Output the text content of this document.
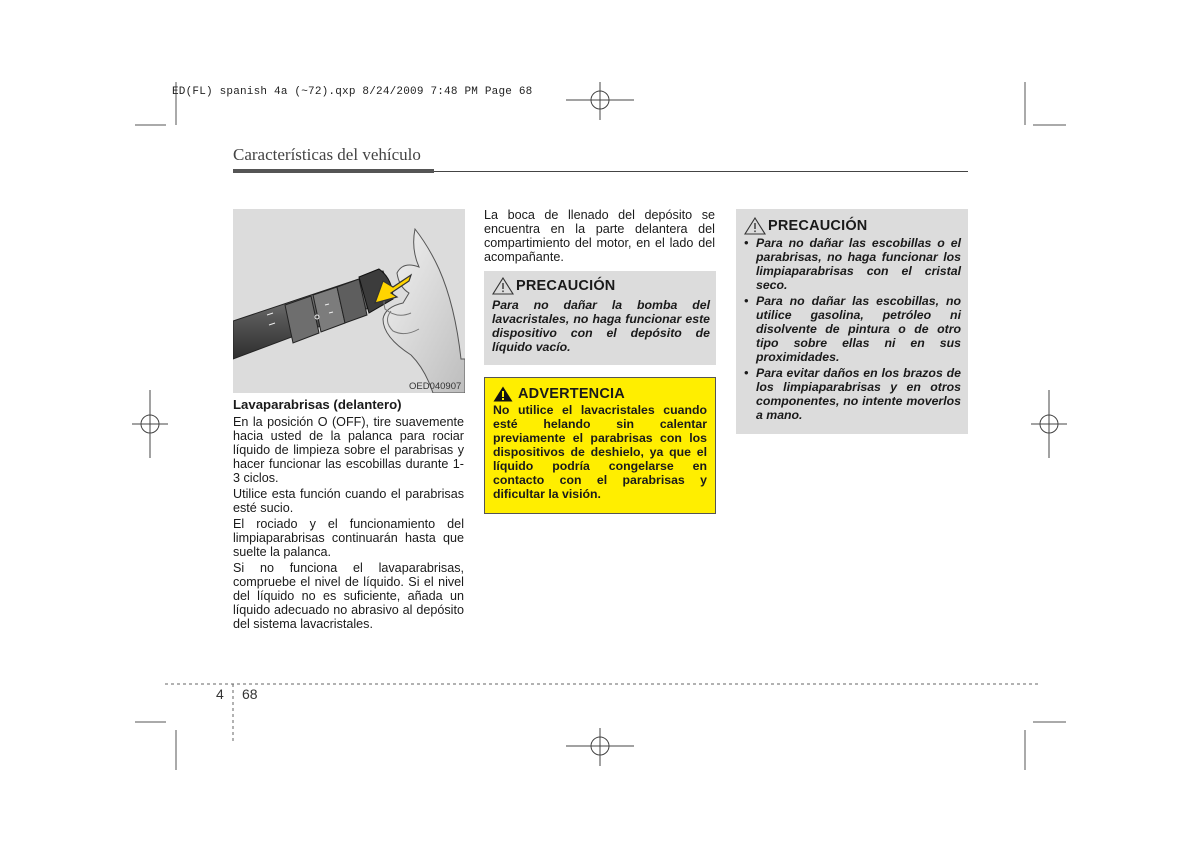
ED(FL) spanish 4a (~72).qxp 8/24/2009 7:48 PM Page 68
Características del vehículo
OED040907
Lavaparabrisas (delantero)
En la posición O (OFF), tire suavemente hacia usted de la palanca para rociar líquido de limpieza sobre el parabrisas y hacer funcionar las escobillas durante 1-3 ciclos.
Utilice esta función cuando el parabrisas esté sucio.
El rociado y el funcionamiento del limpiaparabrisas continuarán hasta que suelte la palanca.
Si no funciona el lavaparabrisas, compruebe el nivel de líquido. Si el nivel del líquido no es suficiente, añada un líquido adecuado no abrasivo al depósito del sistema lavacristales.
La boca de llenado del depósito se encuentra en la parte delantera del compartimiento del motor, en el lado del acompañante.
PRECAUCIÓN
Para no dañar la bomba del lavacristales, no haga funcionar este dispositivo con el depósito de líquido vacío.
ADVERTENCIA
No utilice el lavacristales cuando esté helando sin calentar previamente el parabrisas con los dispositivos de deshielo, ya que el líquido podría congelarse en contacto con el parabrisas y dificultar la visión.
PRECAUCIÓN
• Para no dañar las escobillas o el parabrisas, no haga funcionar los limpiaparabrisas con el cristal seco.
• Para no dañar las escobillas, no utilice gasolina, petróleo ni disolvente de pintura o de otro tipo sobre ellas ni en sus proximidades.
• Para evitar daños en los brazos de los limpiaparabrisas y en otros componentes, no intente moverlos a mano.
4 68
